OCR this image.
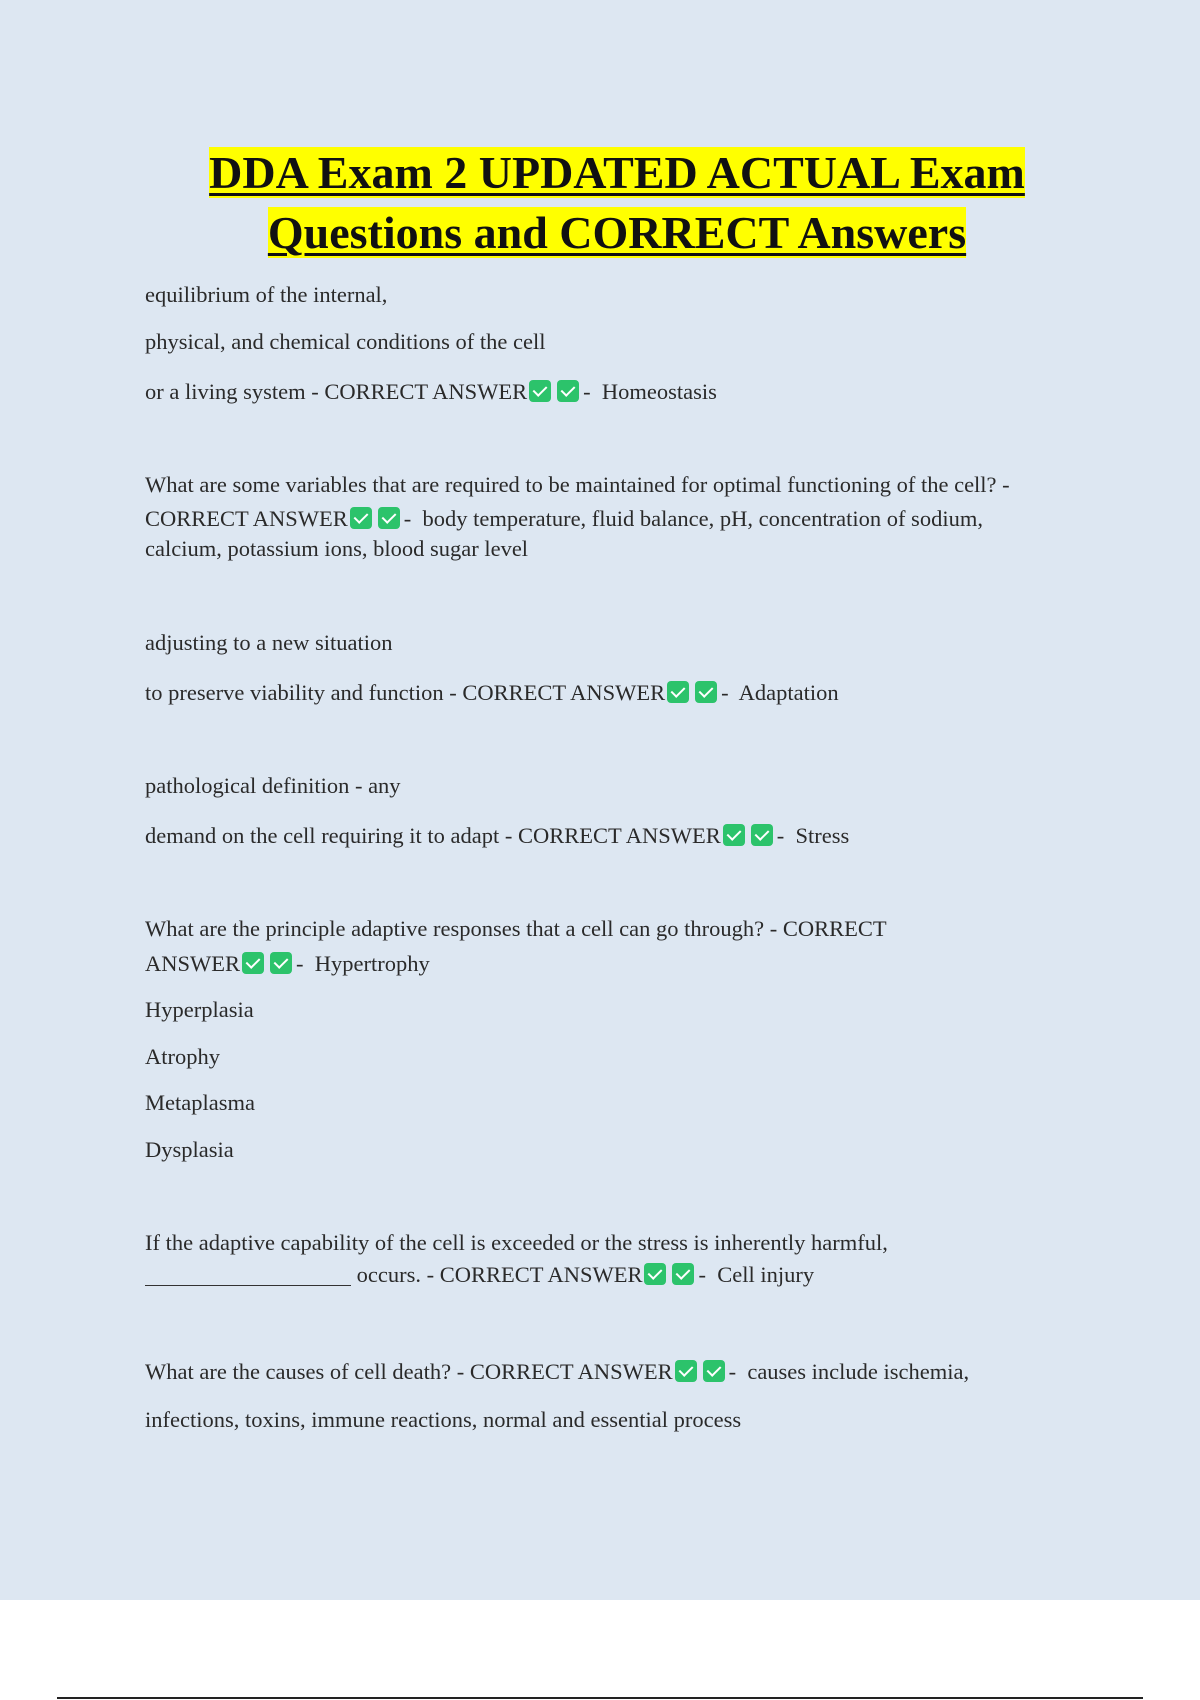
DDA Exam 2 UPDATED ACTUAL Exam
Questions and CORRECT Answers
equilibrium of the internal,
physical, and chemical conditions of the cell
or a living system - CORRECT ANSWER -  Homeostasis
What are some variables that are required to be maintained for optimal functioning of the cell? -
CORRECT ANSWER -  body temperature, fluid balance, pH, concentration of sodium,
calcium, potassium ions, blood sugar level
adjusting to a new situation
to preserve viability and function - CORRECT ANSWER -  Adaptation
pathological definition - any
demand on the cell requiring it to adapt - CORRECT ANSWER -  Stress
What are the principle adaptive responses that a cell can go through? - CORRECT
ANSWER -  Hypertrophy
Hyperplasia
Atrophy
Metaplasma
Dysplasia
If the adaptive capability of the cell is exceeded or the stress is inherently harmful,
occurs. - CORRECT ANSWER -  Cell injury
What are the causes of cell death? - CORRECT ANSWER -  causes include ischemia,
infections, toxins, immune reactions, normal and essential process
